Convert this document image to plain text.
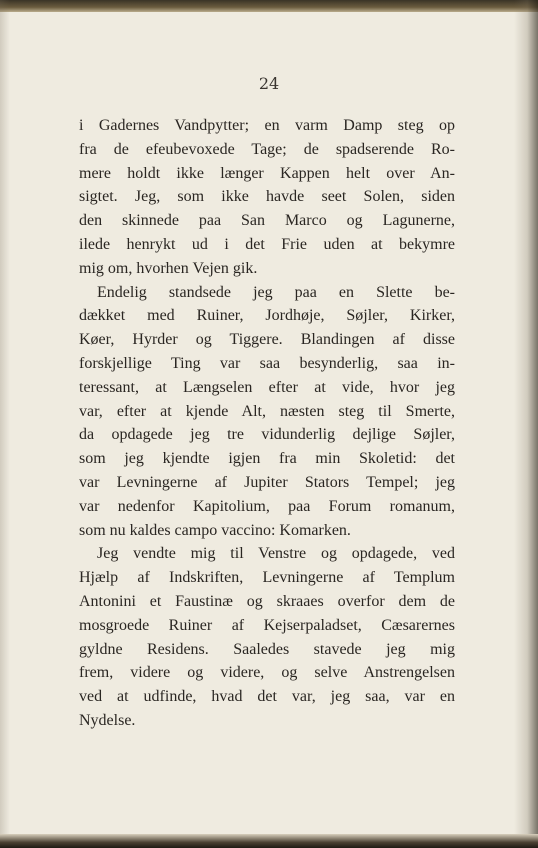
24
i Gadernes Vandpytter; en varm Damp steg op
fra de efeubevoxede Tage; de spadserende Ro-
mere holdt ikke længer Kappen helt over An-
sigtet. Jeg, som ikke havde seet Solen, siden
den skinnede paa San Marco og Lagunerne,
ilede henrykt ud i det Frie uden at bekymre
mig om, hvorhen Vejen gik.
Endelig standsede jeg paa en Slette be-
dækket med Ruiner, Jordhøje, Søjler, Kirker,
Køer, Hyrder og Tiggere. Blandingen af disse
forskjellige Ting var saa besynderlig, saa in-
teressant, at Længselen efter at vide, hvor jeg
var, efter at kjende Alt, næsten steg til Smerte,
da opdagede jeg tre vidunderlig dejlige Søjler,
som jeg kjendte igjen fra min Skoletid: det
var Levningerne af Jupiter Stators Tempel; jeg
var nedenfor Kapitolium, paa Forum romanum,
som nu kaldes campo vaccino: Komarken.
Jeg vendte mig til Venstre og opdagede, ved
Hjælp af Indskriften, Levningerne af Templum
Antonini et Faustinæ og skraaes overfor dem de
mosgroede Ruiner af Kejserpaladset, Cæsarernes
gyldne Residens. Saaledes stavede jeg mig
frem, videre og videre, og selve Anstrengelsen
ved at udfinde, hvad det var, jeg saa, var en
Nydelse.
